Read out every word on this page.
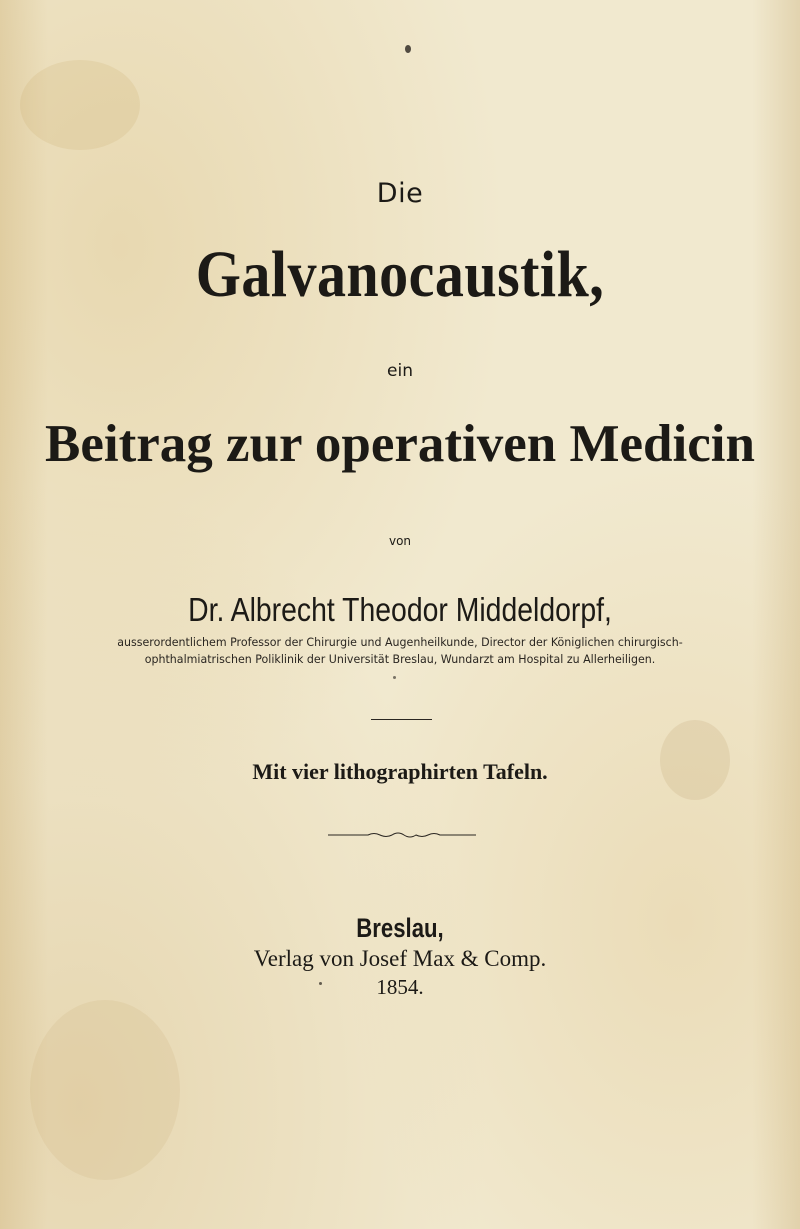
Die
Galvanocaustik,
ein
Beitrag zur operativen Medicin
von
Dr. Albrecht Theodor Middeldorpf,
ausserordentlichem Professor der Chirurgie und Augenheilkunde, Director der Königlichen chirurgisch-
ophthalmiatrischen Poliklinik der Universität Breslau, Wundarzt am Hospital zu Allerheiligen.
Mit vier lithographirten Tafeln.
Breslau,
Verlag von Josef Max & Comp.
1854.
